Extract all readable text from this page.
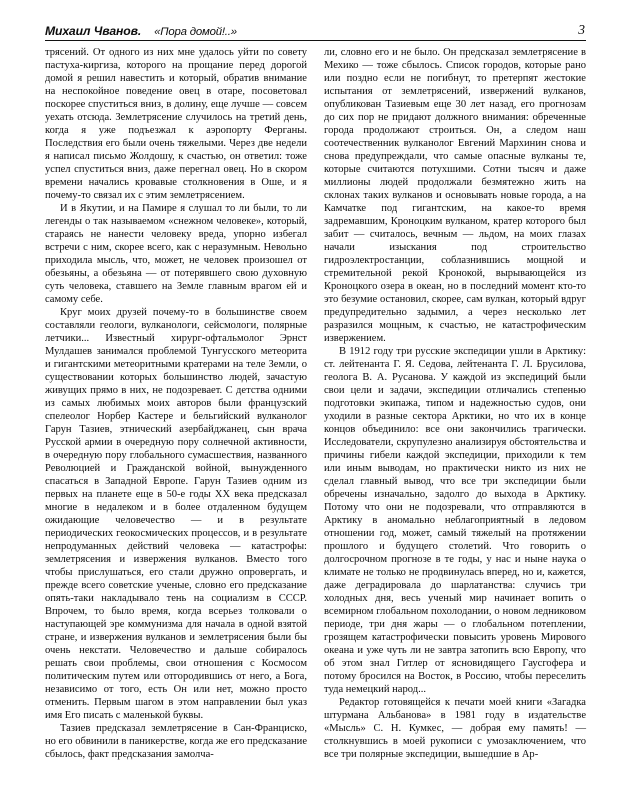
Михаил Чванов. «Пора домой!..»	3

трясений. От одного из них мне удалось уйти по совету пастуха-киргиза, которого на прощание перед дорогой домой я решил навестить и который, обратив внимание на неспокойное поведение овец в отаре, посоветовал поскорее спуститься вниз, в долину, еще лучше — совсем уехать отсюда. Землетрясение случилось на третий день, когда я уже подъезжал к аэропорту Ферганы. Последствия его были очень тяжелыми. Через две недели я написал письмо Жолдошу, к счастью, он ответил: тоже успел спуститься вниз, даже перегнал овец. Но в скором времени начались кровавые столкновения в Оше, и я почему-то связал их с этим землетрясением.

И в Якутии, и на Памире я слушал то ли были, то ли легенды о так называемом «снежном человеке», который, стараясь не нанести человеку вреда, упорно избегал встречи с ним, скорее всего, как с неразумным. Невольно приходила мысль, что, может, не человек произошел от обезьяны, а обезьяна — от потерявшего свою духовную суть человека, ставшего на Земле главным врагом ей и самому себе.

Круг моих друзей почему-то в большинстве своем составляли геологи, вулканологи, сейсмологи, полярные летчики... Известный хирург-офтальмолог Эрнст Мулдашев занимался проблемой Тунгусского метеорита и гигантскими метеоритными кратерами на теле Земли, о существовании которых большинство людей, зачастую живущих прямо в них, не подозревает. С детства одними из самых любимых моих авторов были французский спелеолог Норбер Кастере и бельгийский вулканолог Гарун Тазиев, этнический азербайджанец, сын врача Русской армии в очередную пору солнечной активности, в очередную пору глобального сумасшествия, названного Революцией и Гражданской войной, вынужденного спасаться в Западной Европе. Гарун Тазиев одним из первых на планете еще в 50-е годы XX века предсказал многие в недалеком и в более отдаленном будущем ожидающие человечество — и в результате периодических геокосмических процессов, и в результате непродуманных действий человека — катастрофы: землетрясения и извержения вулканов. Вместо того чтобы прислушаться, его стали дружно опровергать, и прежде всего советские ученые, словно его предсказание опять-таки накладывало тень на социализм в СССР. Впрочем, то было время, когда всерьез толковали о наступающей эре коммунизма для начала в одной взятой стране, и извержения вулканов и землетрясения были бы очень некстати. Человечество и дальше собиралось решать свои проблемы, свои отношения с Космосом политическим путем или отгородившись от него, а Бога, независимо от того, есть Он или нет, можно просто отменить. Первым шагом в этом направлении был указ имя Его писать с маленькой буквы.

Тазиев предсказал землетрясение в Сан-Франциско, но его обвинили в паникерстве, когда же его предсказание сбылось, факт предсказания замолча-

ли, словно его и не было. Он предсказал землетрясение в Мехико — тоже сбылось. Список городов, которые рано или поздно если не погибнут, то претерпят жестокие испытания от землетрясений, извержений вулканов, опубликован Тазиевым еще 30 лет назад, его прогнозам до сих пор не придают должного внимания: обреченные города продолжают строиться. Он, а следом наш соотечественник вулканолог Евгений Мархинин снова и снова предупреждали, что самые опасные вулканы те, которые считаются потухшими. Сотни тысяч и даже миллионы людей продолжали безмятежно жить на склонах таких вулканов и основывать новые города, а на Камчатке под гигантским, на какое-то время задремавшим, Кроноцким вулканом, кратер которого был забит — считалось, вечным — льдом, на моих глазах начали изыскания под строительство гидроэлектростанции, соблазнившись мощной и стремительной рекой Кронокой, вырывающейся из Кроноцкого озера в океан, но в последний момент кто-то это безумие остановил, скорее, сам вулкан, который вдруг предупредительно задымил, а через несколько лет разразился мощным, к счастью, не катастрофическим извержением.

В 1912 году три русские экспедиции ушли в Арктику: ст. лейтенанта Г. Я. Седова, лейтенанта Г. Л. Брусилова, геолога В. А. Русанова. У каждой из экспедиций были свои цели и задачи, экспедиции отличались степенью подготовки экипажа, типом и надежностью судов, они уходили в разные сектора Арктики, но что их в конце концов объединило: все они закончились трагически. Исследователи, скрупулезно анализируя обстоятельства и причины гибели каждой экспедиции, приходили к тем или иным выводам, но практически никто из них не сделал главный вывод, что все три экспедиции были обречены изначально, задолго до выхода в Арктику. Потому что они не подозревали, что отправляются в Арктику в аномально неблагоприятный в ледовом отношении год, может, самый тяжелый на протяжении прошлого и будущего столетий. Что говорить о долгосрочном прогнозе в те годы, у нас и ныне наука о климате не только не продвинулась вперед, но и, кажется, даже деградировала до шарлатанства: случись три холодных дня, весь ученый мир начинает вопить о всемирном глобальном похолодании, о новом ледниковом периоде, три дня жары — о глобальном потеплении, грозящем катастрофически повысить уровень Мирового океана и уже чуть ли не завтра затопить всю Европу, что об этом знал Гитлер от ясновидящего Гаусгофера и потому бросился на Восток, в Россию, чтобы переселить туда немецкий народ...

Редактор готовящейся к печати моей книги «Загадка штурмана Альбанова» в 1981 году в издательстве «Мысль» С. Н. Кумкес, — добрая ему память! — столкнувшись в моей рукописи с умозаключением, что все три полярные экспедиции, вышедшие в Ар-
